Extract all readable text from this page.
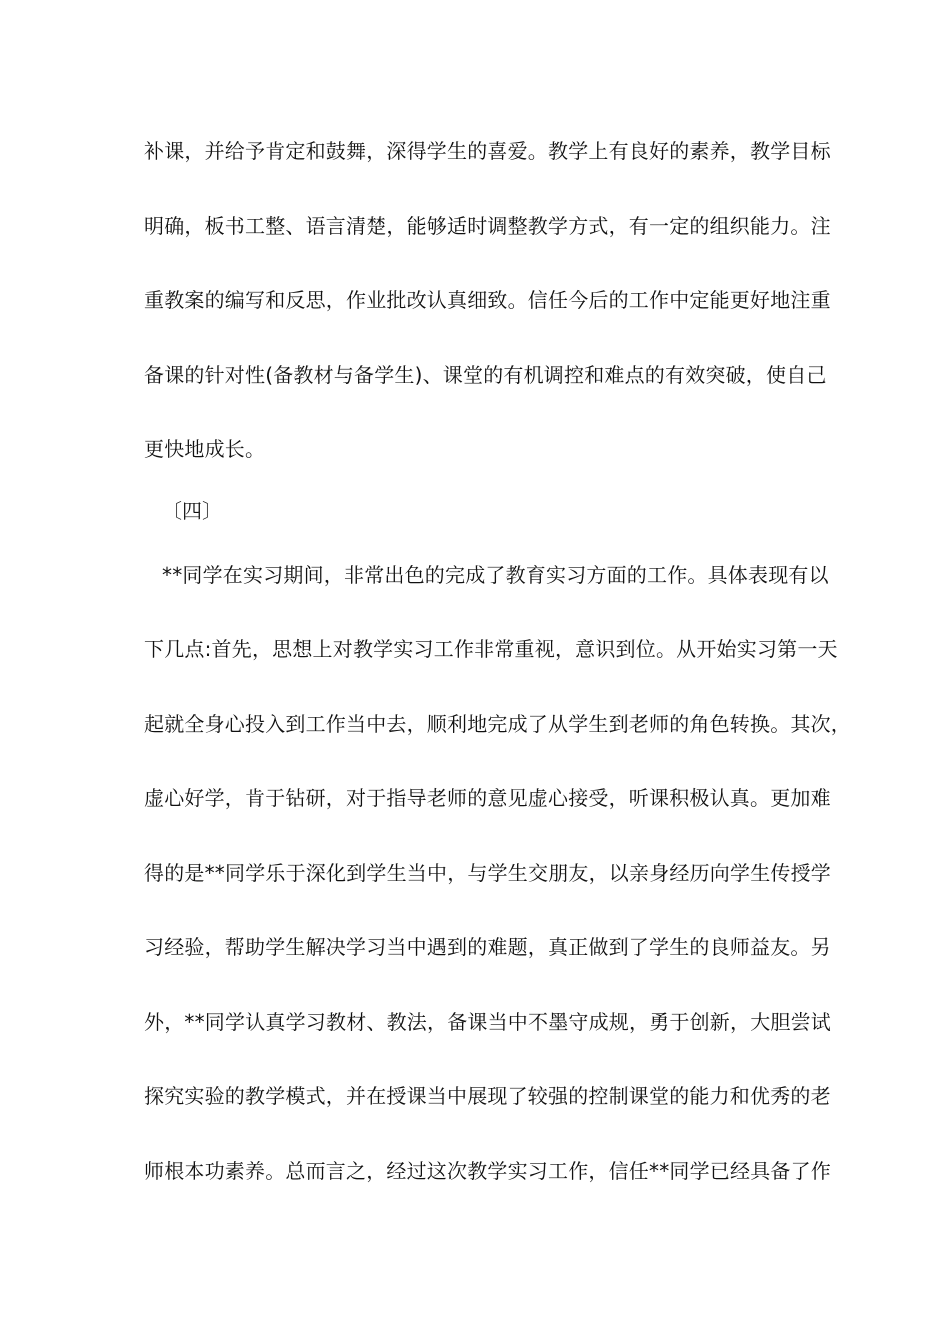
补课，并给予肯定和鼓舞，深得学生的喜爱。教学上有良好的素养，教学目标
明确，板书工整、语言清楚，能够适时调整教学方式，有一定的组织能力。注
重教案的编写和反思，作业批改认真细致。信任今后的工作中定能更好地注重
备课的针对性(备教材与备学生)、课堂的有机调控和难点的有效突破，使自己
更快地成长。
〔四〕
**同学在实习期间，非常出色的完成了教育实习方面的工作。具体表现有以
下几点:首先，思想上对教学实习工作非常重视，意识到位。从开始实习第一天
起就全身心投入到工作当中去，顺利地完成了从学生到老师的角色转换。其次，
虚心好学，肯于钻研，对于指导老师的意见虚心接受，听课积极认真。更加难
得的是**同学乐于深化到学生当中，与学生交朋友，以亲身经历向学生传授学
习经验，帮助学生解决学习当中遇到的难题，真正做到了学生的良师益友。另
外，**同学认真学习教材、教法，备课当中不墨守成规，勇于创新，大胆尝试
探究实验的教学模式，并在授课当中展现了较强的控制课堂的能力和优秀的老
师根本功素养。总而言之，经过这次教学实习工作，信任**同学已经具备了作
